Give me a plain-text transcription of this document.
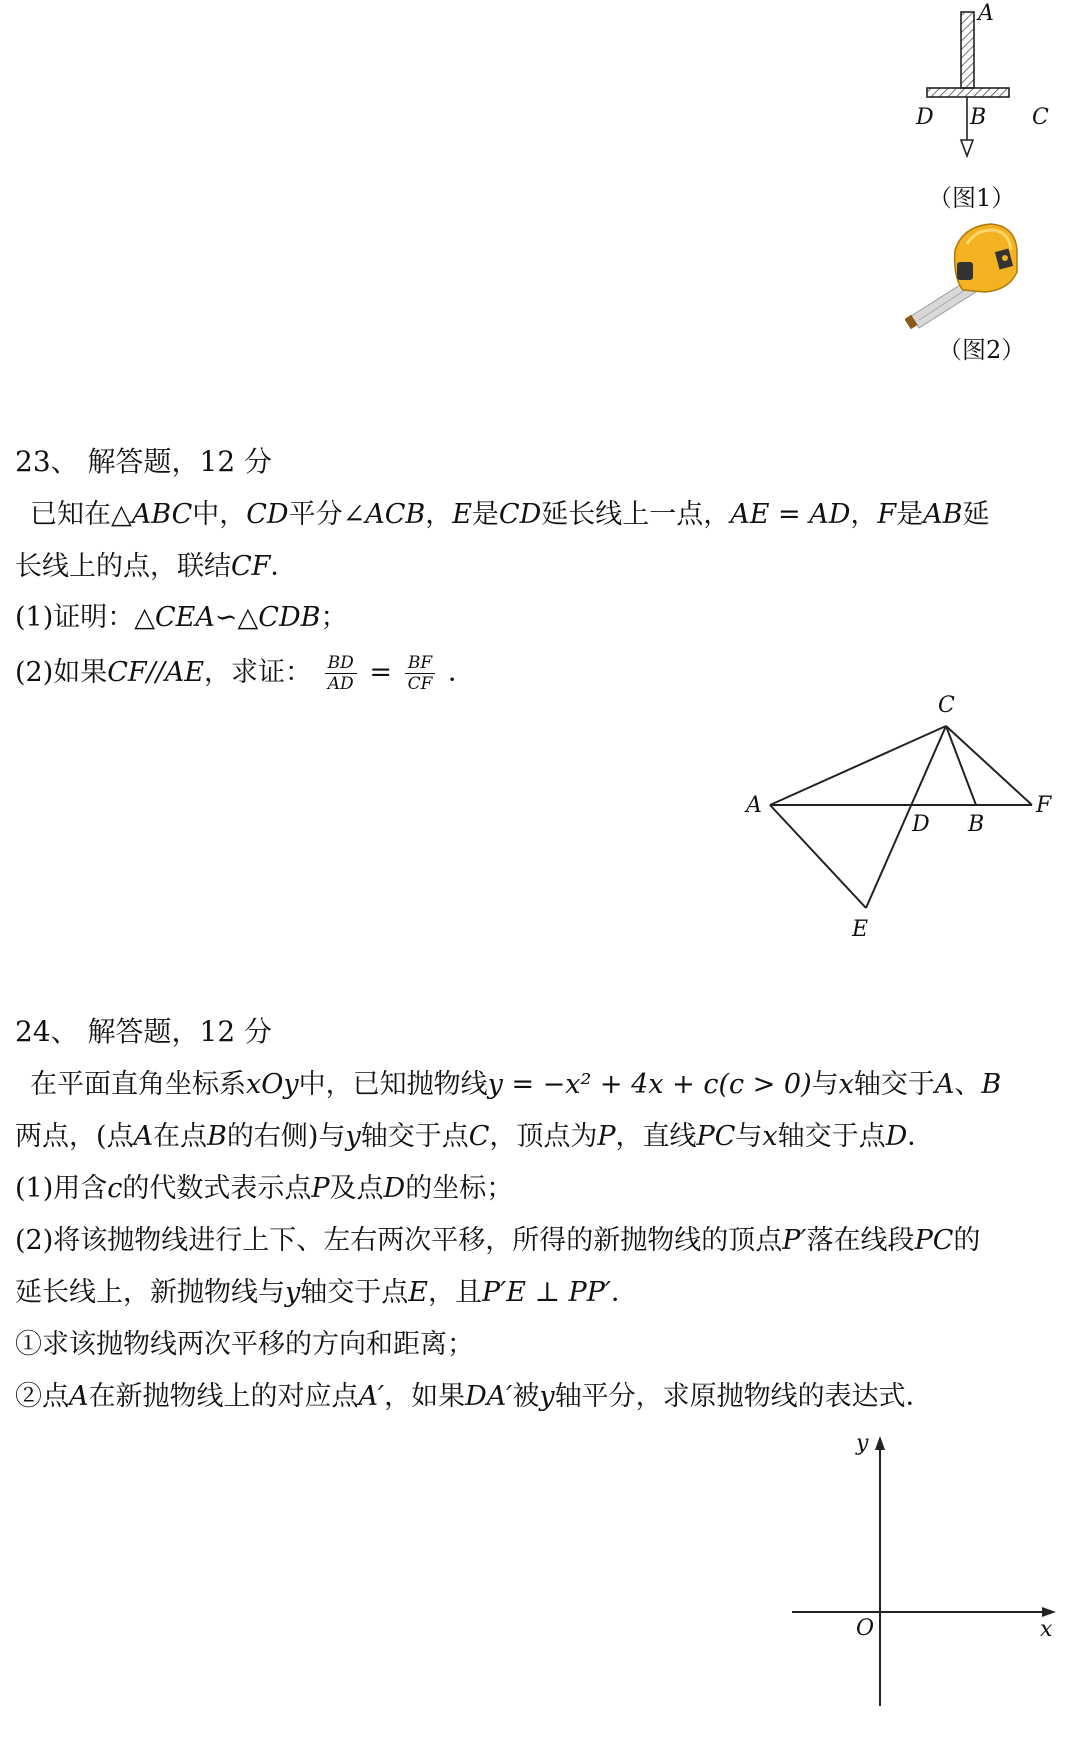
A
D B C
（图1）
（图2）
23、 解答题，12 分
已知在△ABC中，CD平分∠ACB，E是CD延长线上一点，AE = AD，F是AB延
长线上的点，联结CF．
(1)证明：△CEA∽△CDB；
(2)如果CF//AE，求证： $\frac{BD}{AD} = \frac{BF}{CF}$ ．
C
A
D B
F
E
24、 解答题，12 分
在平面直角坐标系xOy中，已知抛物线y = −x² + 4x + c(c > 0)与x轴交于A、B
两点，(点A在点B的右侧)与y轴交于点C，顶点为P，直线PC与x轴交于点D．
(1)用含c的代数式表示点P及点D的坐标；
(2)将该抛物线进行上下、左右两次平移，所得的新抛物线的顶点P′落在线段PC的
延长线上，新抛物线与y轴交于点E，且P′E ⊥ PP′．
①求该抛物线两次平移的方向和距离；
②点A在新抛物线上的对应点A′，如果DA′被y轴平分，求原抛物线的表达式．
y
x
O
